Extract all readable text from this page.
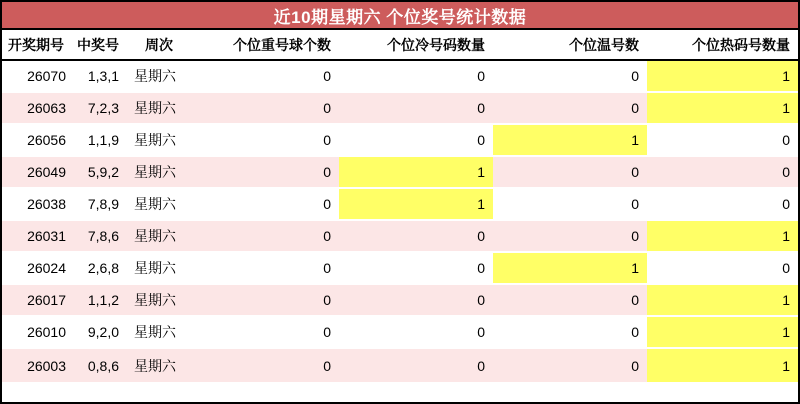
近10期星期六 个位奖号统计数据
开奖期号	中奖号	周次	个位重号球个数	个位冷号码数量	个位温号数	个位热码号数量
26070	1,3,1	星期六	0	0	0	1
26063	7,2,3	星期六	0	0	0	1
26056	1,1,9	星期六	0	0	1	0
26049	5,9,2	星期六	0	1	0	0
26038	7,8,9	星期六	0	1	0	0
26031	7,8,6	星期六	0	0	0	1
26024	2,6,8	星期六	0	0	1	0
26017	1,1,2	星期六	0	0	0	1
26010	9,2,0	星期六	0	0	0	1
26003	0,8,6	星期六	0	0	0	1
